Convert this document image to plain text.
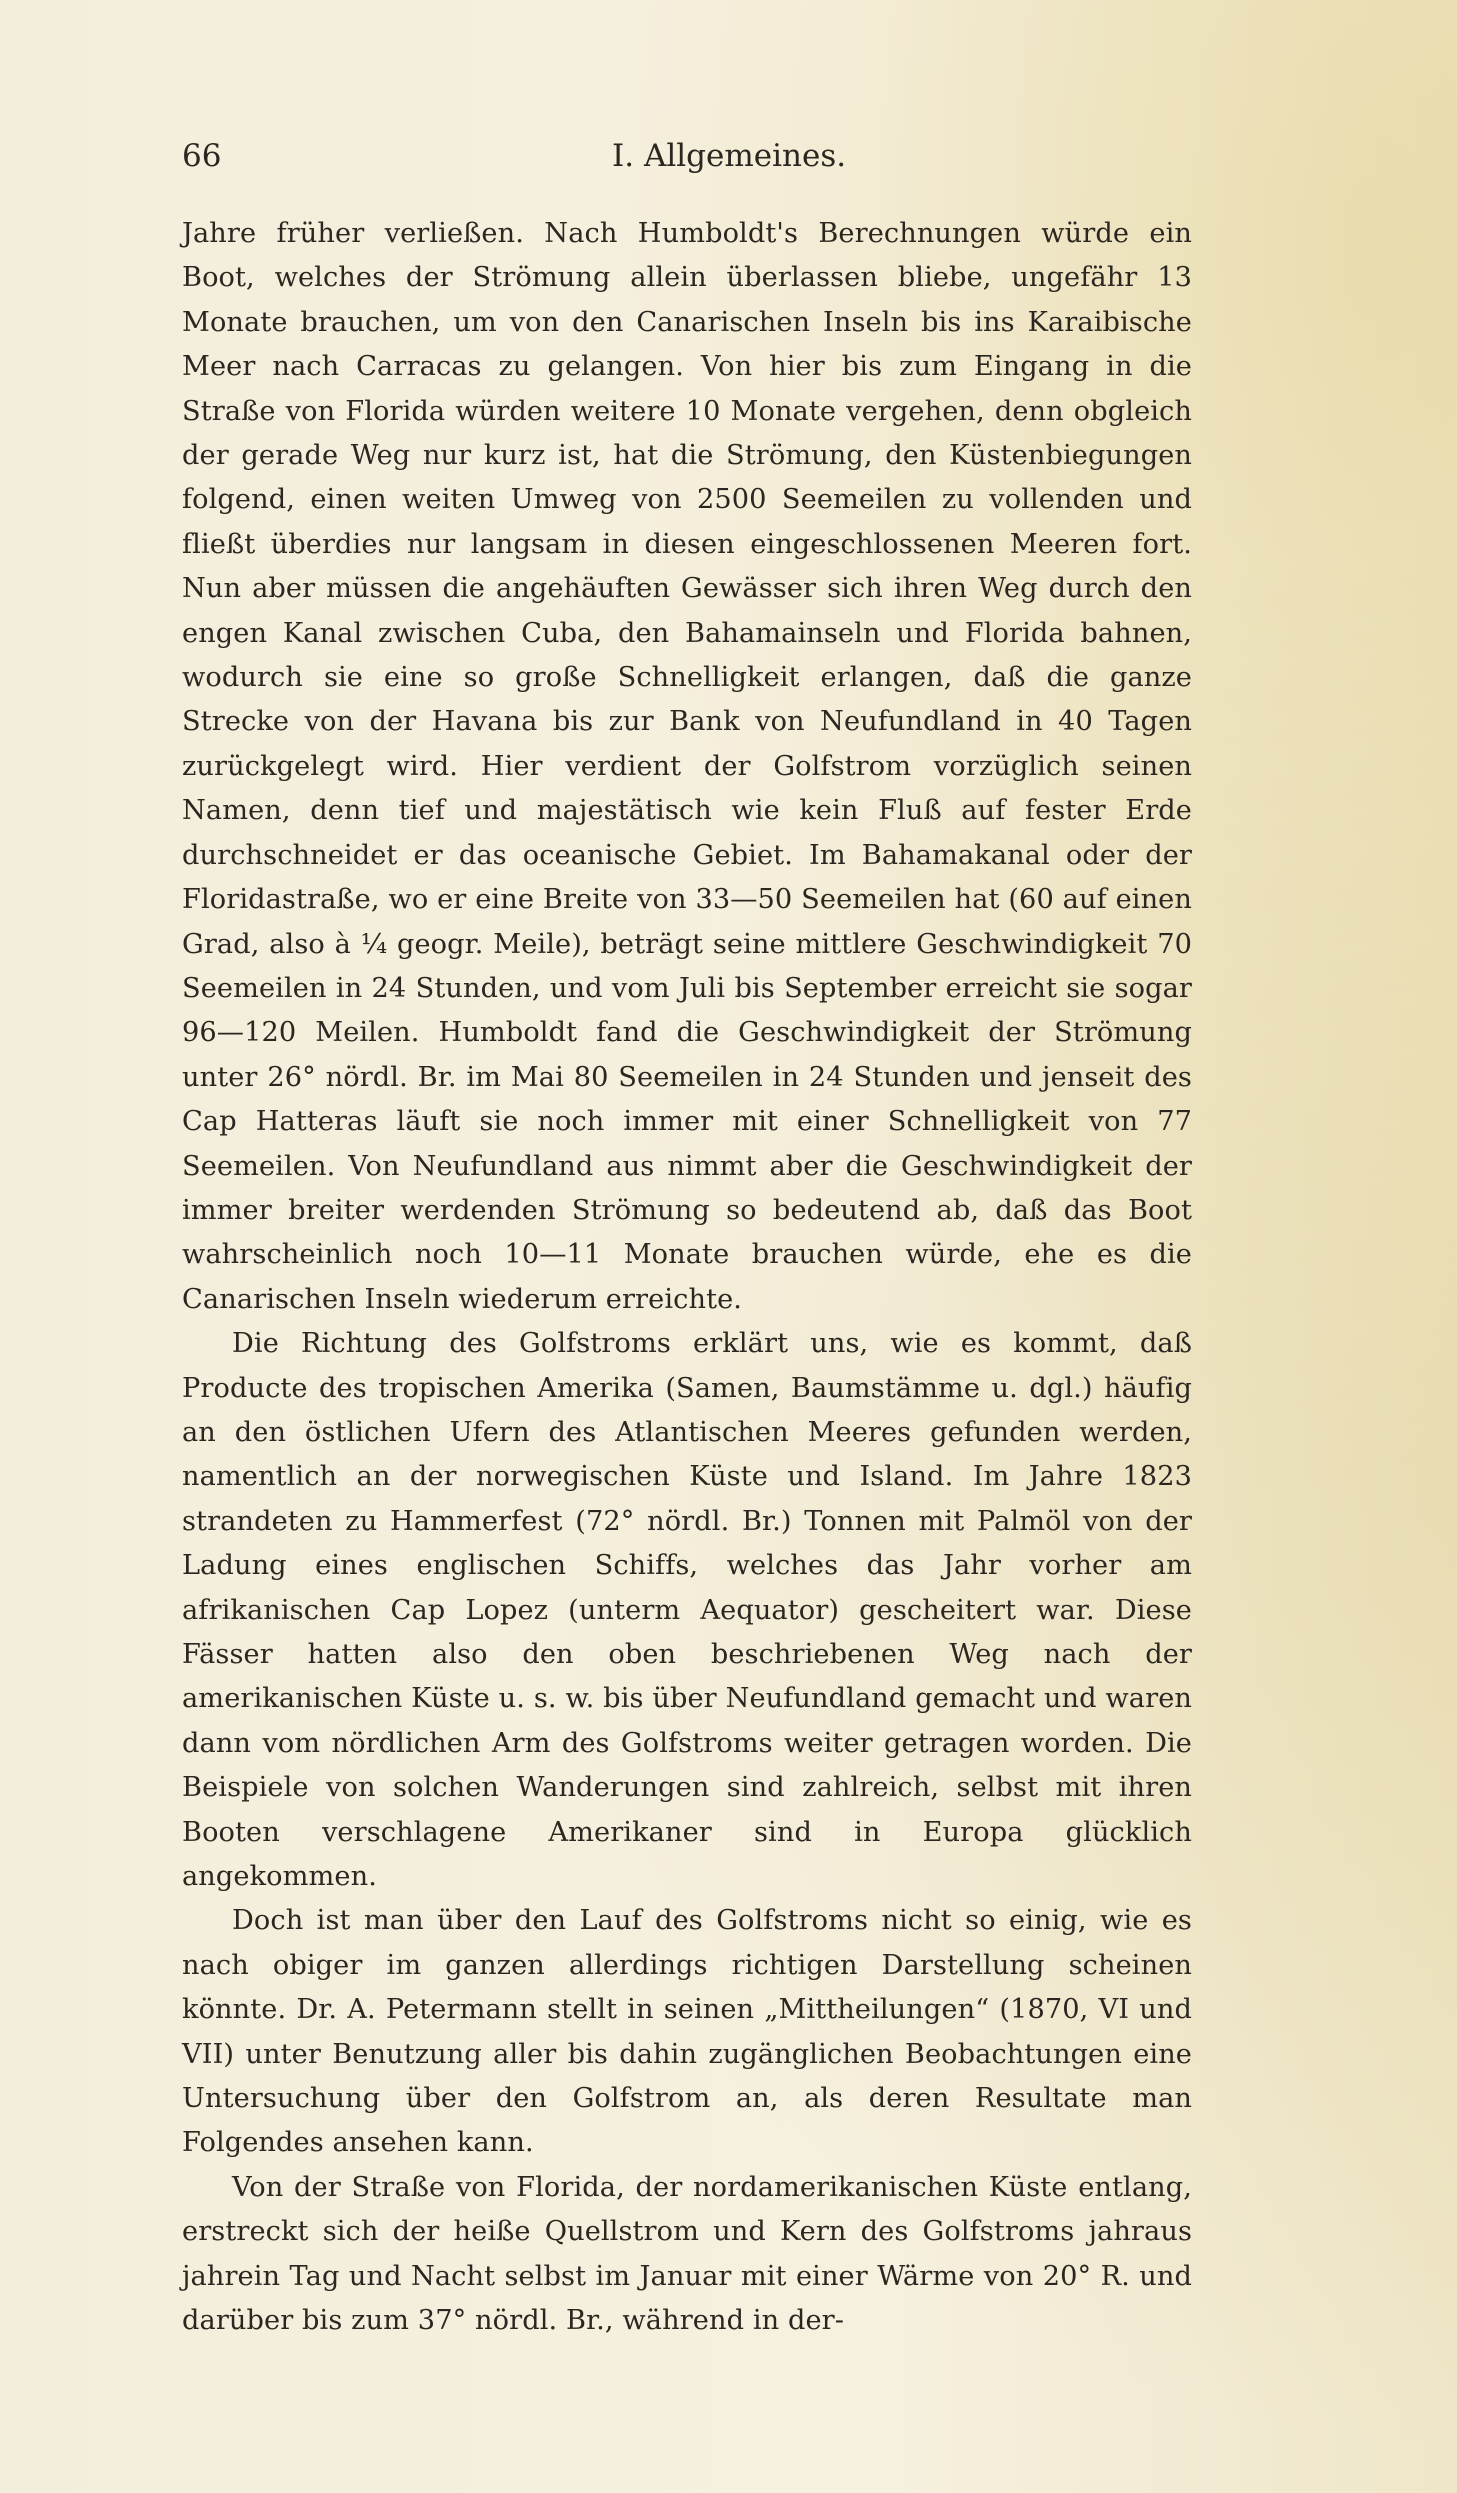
66	I. Allgemeines.

Jahre früher verließen. Nach Humboldt's Berechnungen würde ein Boot, welches der Strömung allein überlassen bliebe, ungefähr 13 Monate brauchen, um von den Canarischen Inseln bis ins Karaibische Meer nach Carracas zu gelangen. Von hier bis zum Eingang in die Straße von Florida würden weitere 10 Monate vergehen, denn obgleich der gerade Weg nur kurz ist, hat die Strömung, den Küstenbiegungen folgend, einen weiten Umweg von 2500 Seemeilen zu vollenden und fließt überdies nur langsam in diesen eingeschlossenen Meeren fort. Nun aber müssen die angehäuften Gewässer sich ihren Weg durch den engen Kanal zwischen Cuba, den Bahamainseln und Florida bahnen, wodurch sie eine so große Schnelligkeit erlangen, daß die ganze Strecke von der Havana bis zur Bank von Neufundland in 40 Tagen zurückgelegt wird. Hier verdient der Golfstrom vorzüglich seinen Namen, denn tief und majestätisch wie kein Fluß auf fester Erde durchschneidet er das oceanische Gebiet. Im Bahamakanal oder der Floridastraße, wo er eine Breite von 33—50 Seemeilen hat (60 auf einen Grad, also à ¼ geogr. Meile), beträgt seine mittlere Geschwindigkeit 70 Seemeilen in 24 Stunden, und vom Juli bis September erreicht sie sogar 96—120 Meilen. Humboldt fand die Geschwindigkeit der Strömung unter 26° nördl. Br. im Mai 80 Seemeilen in 24 Stunden und jenseit des Cap Hatteras läuft sie noch immer mit einer Schnelligkeit von 77 Seemeilen. Von Neufundland aus nimmt aber die Geschwindigkeit der immer breiter werdenden Strömung so bedeutend ab, daß das Boot wahrscheinlich noch 10—11 Monate brauchen würde, ehe es die Canarischen Inseln wiederum erreichte.

Die Richtung des Golfstroms erklärt uns, wie es kommt, daß Producte des tropischen Amerika (Samen, Baumstämme u. dgl.) häufig an den östlichen Ufern des Atlantischen Meeres gefunden werden, namentlich an der norwegischen Küste und Island. Im Jahre 1823 strandeten zu Hammerfest (72° nördl. Br.) Tonnen mit Palmöl von der Ladung eines englischen Schiffs, welches das Jahr vorher am afrikanischen Cap Lopez (unterm Aequator) gescheitert war. Diese Fässer hatten also den oben beschriebenen Weg nach der amerikanischen Küste u. s. w. bis über Neufundland gemacht und waren dann vom nördlichen Arm des Golfstroms weiter getragen worden. Die Beispiele von solchen Wanderungen sind zahlreich, selbst mit ihren Booten verschlagene Amerikaner sind in Europa glücklich angekommen.

Doch ist man über den Lauf des Golfstroms nicht so einig, wie es nach obiger im ganzen allerdings richtigen Darstellung scheinen könnte. Dr. A. Petermann stellt in seinen „Mittheilungen“ (1870, VI und VII) unter Benutzung aller bis dahin zugänglichen Beobachtungen eine Untersuchung über den Golfstrom an, als deren Resultate man Folgendes ansehen kann.

Von der Straße von Florida, der nordamerikanischen Küste entlang, erstreckt sich der heiße Quellstrom und Kern des Golfstroms jahraus jahrein Tag und Nacht selbst im Januar mit einer Wärme von 20° R. und darüber bis zum 37° nördl. Br., während in der-
